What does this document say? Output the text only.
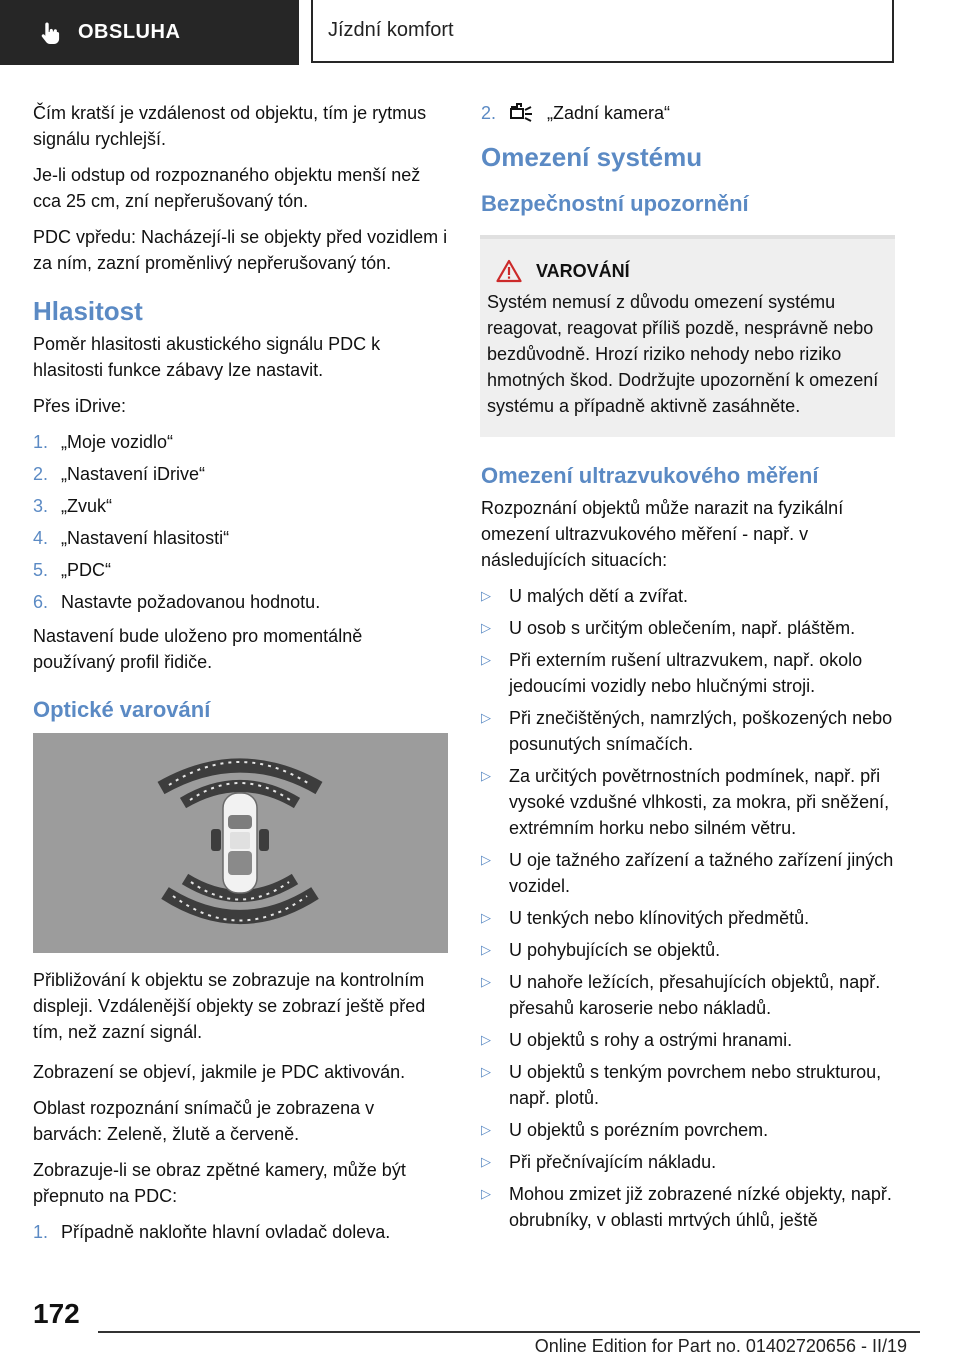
OBSLUHA	Jízdní komfort

Čím kratší je vzdálenost od objektu, tím je rytmus signálu rychlejší.

Je-li odstup od rozpoznaného objektu menší než cca 25 cm, zní nepřerušovaný tón.

PDC vpředu: Nacházejí-li se objekty před vozidlem i za ním, zazní proměnlivý nepřerušovaný tón.

Hlasitost

Poměr hlasitosti akustického signálu PDC k hlasitosti funkce zábavy lze nastavit.

Přes iDrive:

1. „Moje vozidlo“
2. „Nastavení iDrive“
3. „Zvuk“
4. „Nastavení hlasitosti“
5. „PDC“
6. Nastavte požadovanou hodnotu.

Nastavení bude uloženo pro momentálně používaný profil řidiče.

Optické varování

Přibližování k objektu se zobrazuje na kontrolním displeji. Vzdálenější objekty se zobrazí ještě před tím, než zazní signál.

Zobrazení se objeví, jakmile je PDC aktivován.

Oblast rozpoznání snímačů je zobrazena v barvách: Zeleně, žlutě a červeně.

Zobrazuje-li se obraz zpětné kamery, může být přepnuto na PDC:

1. Případně nakloňte hlavní ovladač doleva.
2.	„Zadní kamera“
Omezení systému
Bezpečnostní upozornění
VAROVÁNÍ

Systém nemusí z důvodu omezení systému reagovat, reagovat příliš pozdě, nesprávně nebo bezdůvodně. Hrozí riziko nehody nebo riziko hmotných škod. Dodržujte upozornění k omezení systému a případně aktivně zasáhněte.

Omezení ultrazvukového měření

Rozpoznání objektů může narazit na fyzikální omezení ultrazvukového měření - např. v následujících situacích:

▷	U malých dětí a zvířat.
▷	U osob s určitým oblečením, např. pláštěm.
▷	Při externím rušení ultrazvukem, např. okolo jedoucími vozidly nebo hlučnými stroji.
▷	Při znečištěných, namrzlých, poškozených nebo posunutých snímačích.
▷	Za určitých povětrnostních podmínek, např. při vysoké vzdušné vlhkosti, za mokra, při sněžení, extrémním horku nebo silném větru.
▷	U oje tažného zařízení a tažného zařízení jiných vozidel.
▷	U tenkých nebo klínovitých předmětů.
▷	U pohybujících se objektů.
▷	U nahoře ležících, přesahujících objektů, např. přesahů karoserie nebo nákladů.
▷	U objektů s rohy a ostrými hranami.
▷	U objektů s tenkým povrchem nebo strukturou, např. plotů.
▷	U objektů s porézním povrchem.
▷	Při přečnívajícím nákladu.
▷	Mohou zmizet již zobrazené nízké objekty, např. obrubníky, v oblasti mrtvých úhlů, ještě
172
Online Edition for Part no. 01402720656 - II/19
